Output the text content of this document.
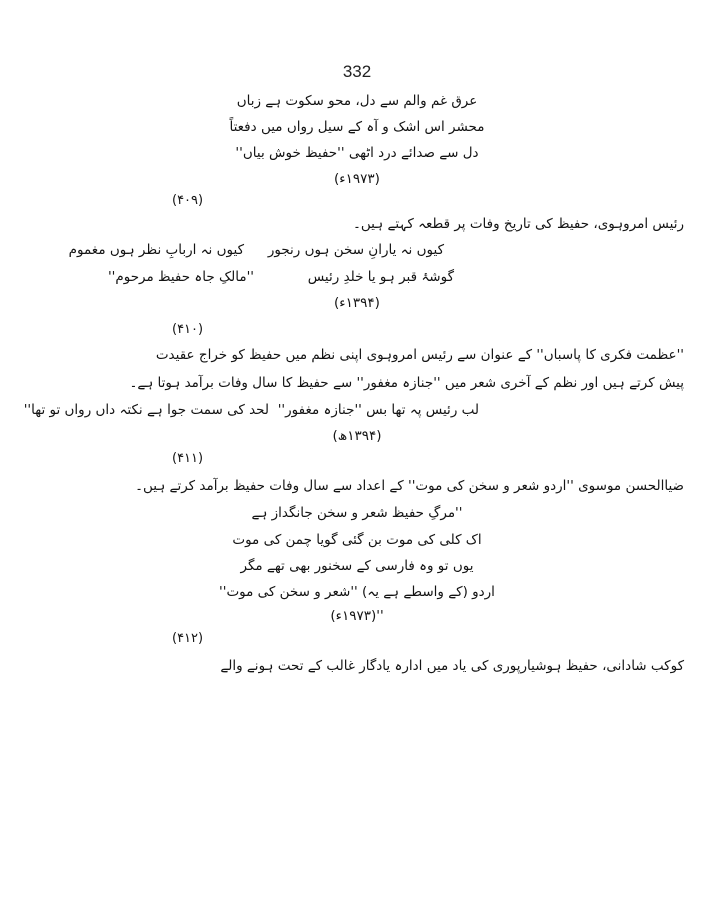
332
عرق غم والم سے دل، محو سکوت ہے زباں
محشر اس اشک و آہ کے سیل رواں میں دفعتاً
دل سے صدائے درد اٹھی ''حفیظ خوش بیاں''
(۱۹۷۳ء)
(۴۰۹)
رئیس امروہوی، حفیظ کی تاریخ وفات پر قطعہ کہتے ہیں۔
کیوں نہ یارانِ سخن ہوں رنجور
کیوں نہ اربابِ نظر ہوں مغموم
گوشۂ قبر ہو یا خلدِ رئیس
''مالکِ جاہ حفیظ مرحوم''
(۱۳۹۴ء)
(۴۱۰)
''عظمت فکری کا پاسباں'' کے عنوان سے رئیس امروہوی اپنی نظم میں حفیظ کو خراج عقیدت
پیش کرتے ہیں اور نظم کے آخری شعر میں ''جنازہ مغفور'' سے حفیظ کا سال وفات برآمد ہوتا ہے۔
لب رئیس پہ تھا بس ''جنازہ مغفور''
لحد کی سمت جوا ہے نکتہ داں رواں تو تھا''
(۱۳۹۴ھ)
(۴۱۱)
ضیاالحسن موسوی ''اردو شعر و سخن کی موت'' کے اعداد سے سال وفات حفیظ برآمد کرتے ہیں۔
''مرگِ حفیظ شعر و سخن جانگداز ہے
اک کلی کی موت بن گئی گویا چمن کی موت
یوں تو وہ فارسی کے سخنور بھی تھے مگر
اردو (کے واسطے ہے یہ) ''شعر و سخن کی موت''
''(۱۹۷۳ء)
(۴۱۲)
کوکب شادانی، حفیظ ہوشیارپوری کی یاد میں ادارہ یادگار غالب کے تحت ہونے والے
